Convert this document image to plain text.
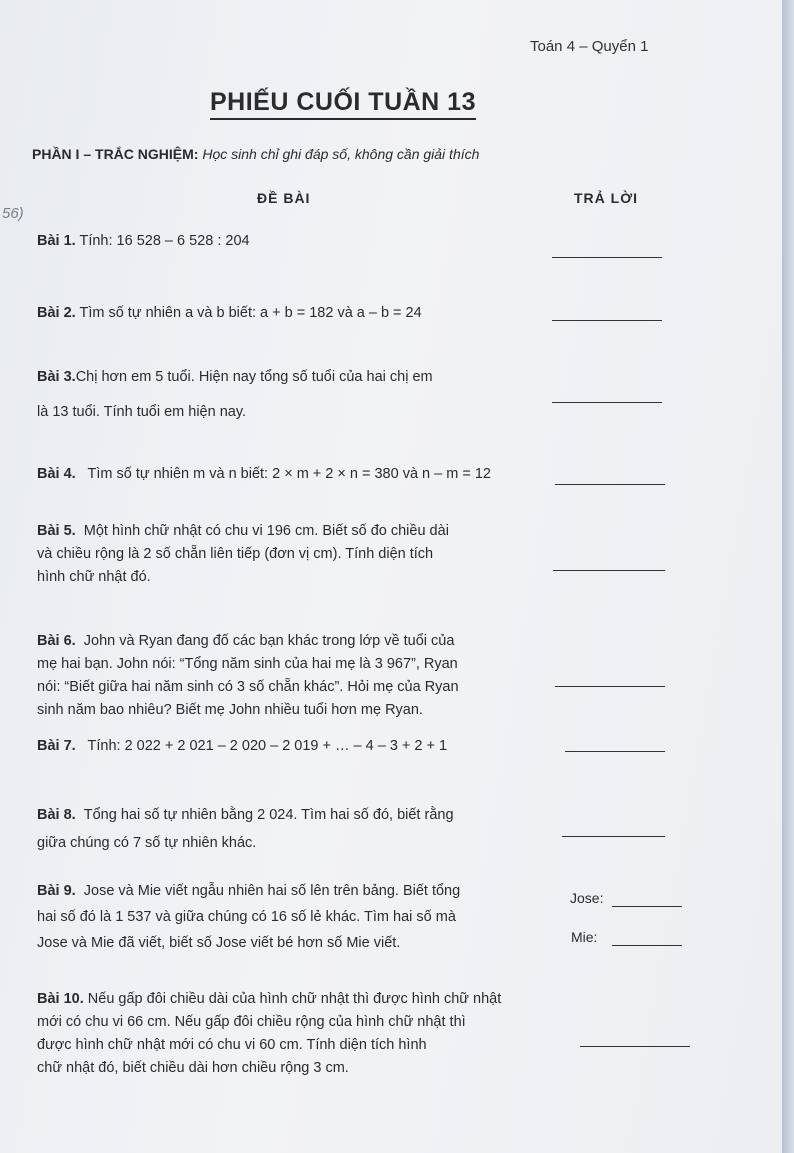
Toán 4 – Quyển 1
PHIẾU CUỐI TUẦN 13
PHẦN I – TRẮC NGHIỆM: Học sinh chỉ ghi đáp số, không cần giải thích
ĐỀ BÀI	TRẢ LỜI
56)
Bài 1. Tính: 16 528 – 6 528 : 204
Bài 2. Tìm số tự nhiên a và b biết: a + b = 182 và a – b = 24
Bài 3.Chị hơn em 5 tuổi. Hiện nay tổng số tuổi của hai chị em
là 13 tuổi. Tính tuổi em hiện nay.
Bài 4. Tìm số tự nhiên m và n biết: 2 × m + 2 × n = 380 và n – m = 12
Bài 5. Một hình chữ nhật có chu vi 196 cm. Biết số đo chiều dài
và chiều rộng là 2 số chẵn liên tiếp (đơn vị cm). Tính diện tích
hình chữ nhật đó.
Bài 6. John và Ryan đang đố các bạn khác trong lớp về tuổi của
mẹ hai bạn. John nói: “Tổng năm sinh của hai mẹ là 3 967”, Ryan
nói: “Biết giữa hai năm sinh có 3 số chẵn khác”. Hỏi mẹ của Ryan
sinh năm bao nhiêu? Biết mẹ John nhiều tuổi hơn mẹ Ryan.
Bài 7. Tính: 2 022 + 2 021 – 2 020 – 2 019 + … – 4 – 3 + 2 + 1
Bài 8. Tổng hai số tự nhiên bằng 2 024. Tìm hai số đó, biết rằng
giữa chúng có 7 số tự nhiên khác.
Bài 9. Jose và Mie viết ngẫu nhiên hai số lên trên bảng. Biết tổng
hai số đó là 1 537 và giữa chúng có 16 số lẻ khác. Tìm hai số mà
Jose và Mie đã viết, biết số Jose viết bé hơn số Mie viết.
Jose:
Mie:
Bài 10. Nếu gấp đôi chiều dài của hình chữ nhật thì được hình chữ nhật
mới có chu vi 66 cm. Nếu gấp đôi chiều rộng của hình chữ nhật thì
được hình chữ nhật mới có chu vi 60 cm. Tính diện tích hình
chữ nhật đó, biết chiều dài hơn chiều rộng 3 cm.
